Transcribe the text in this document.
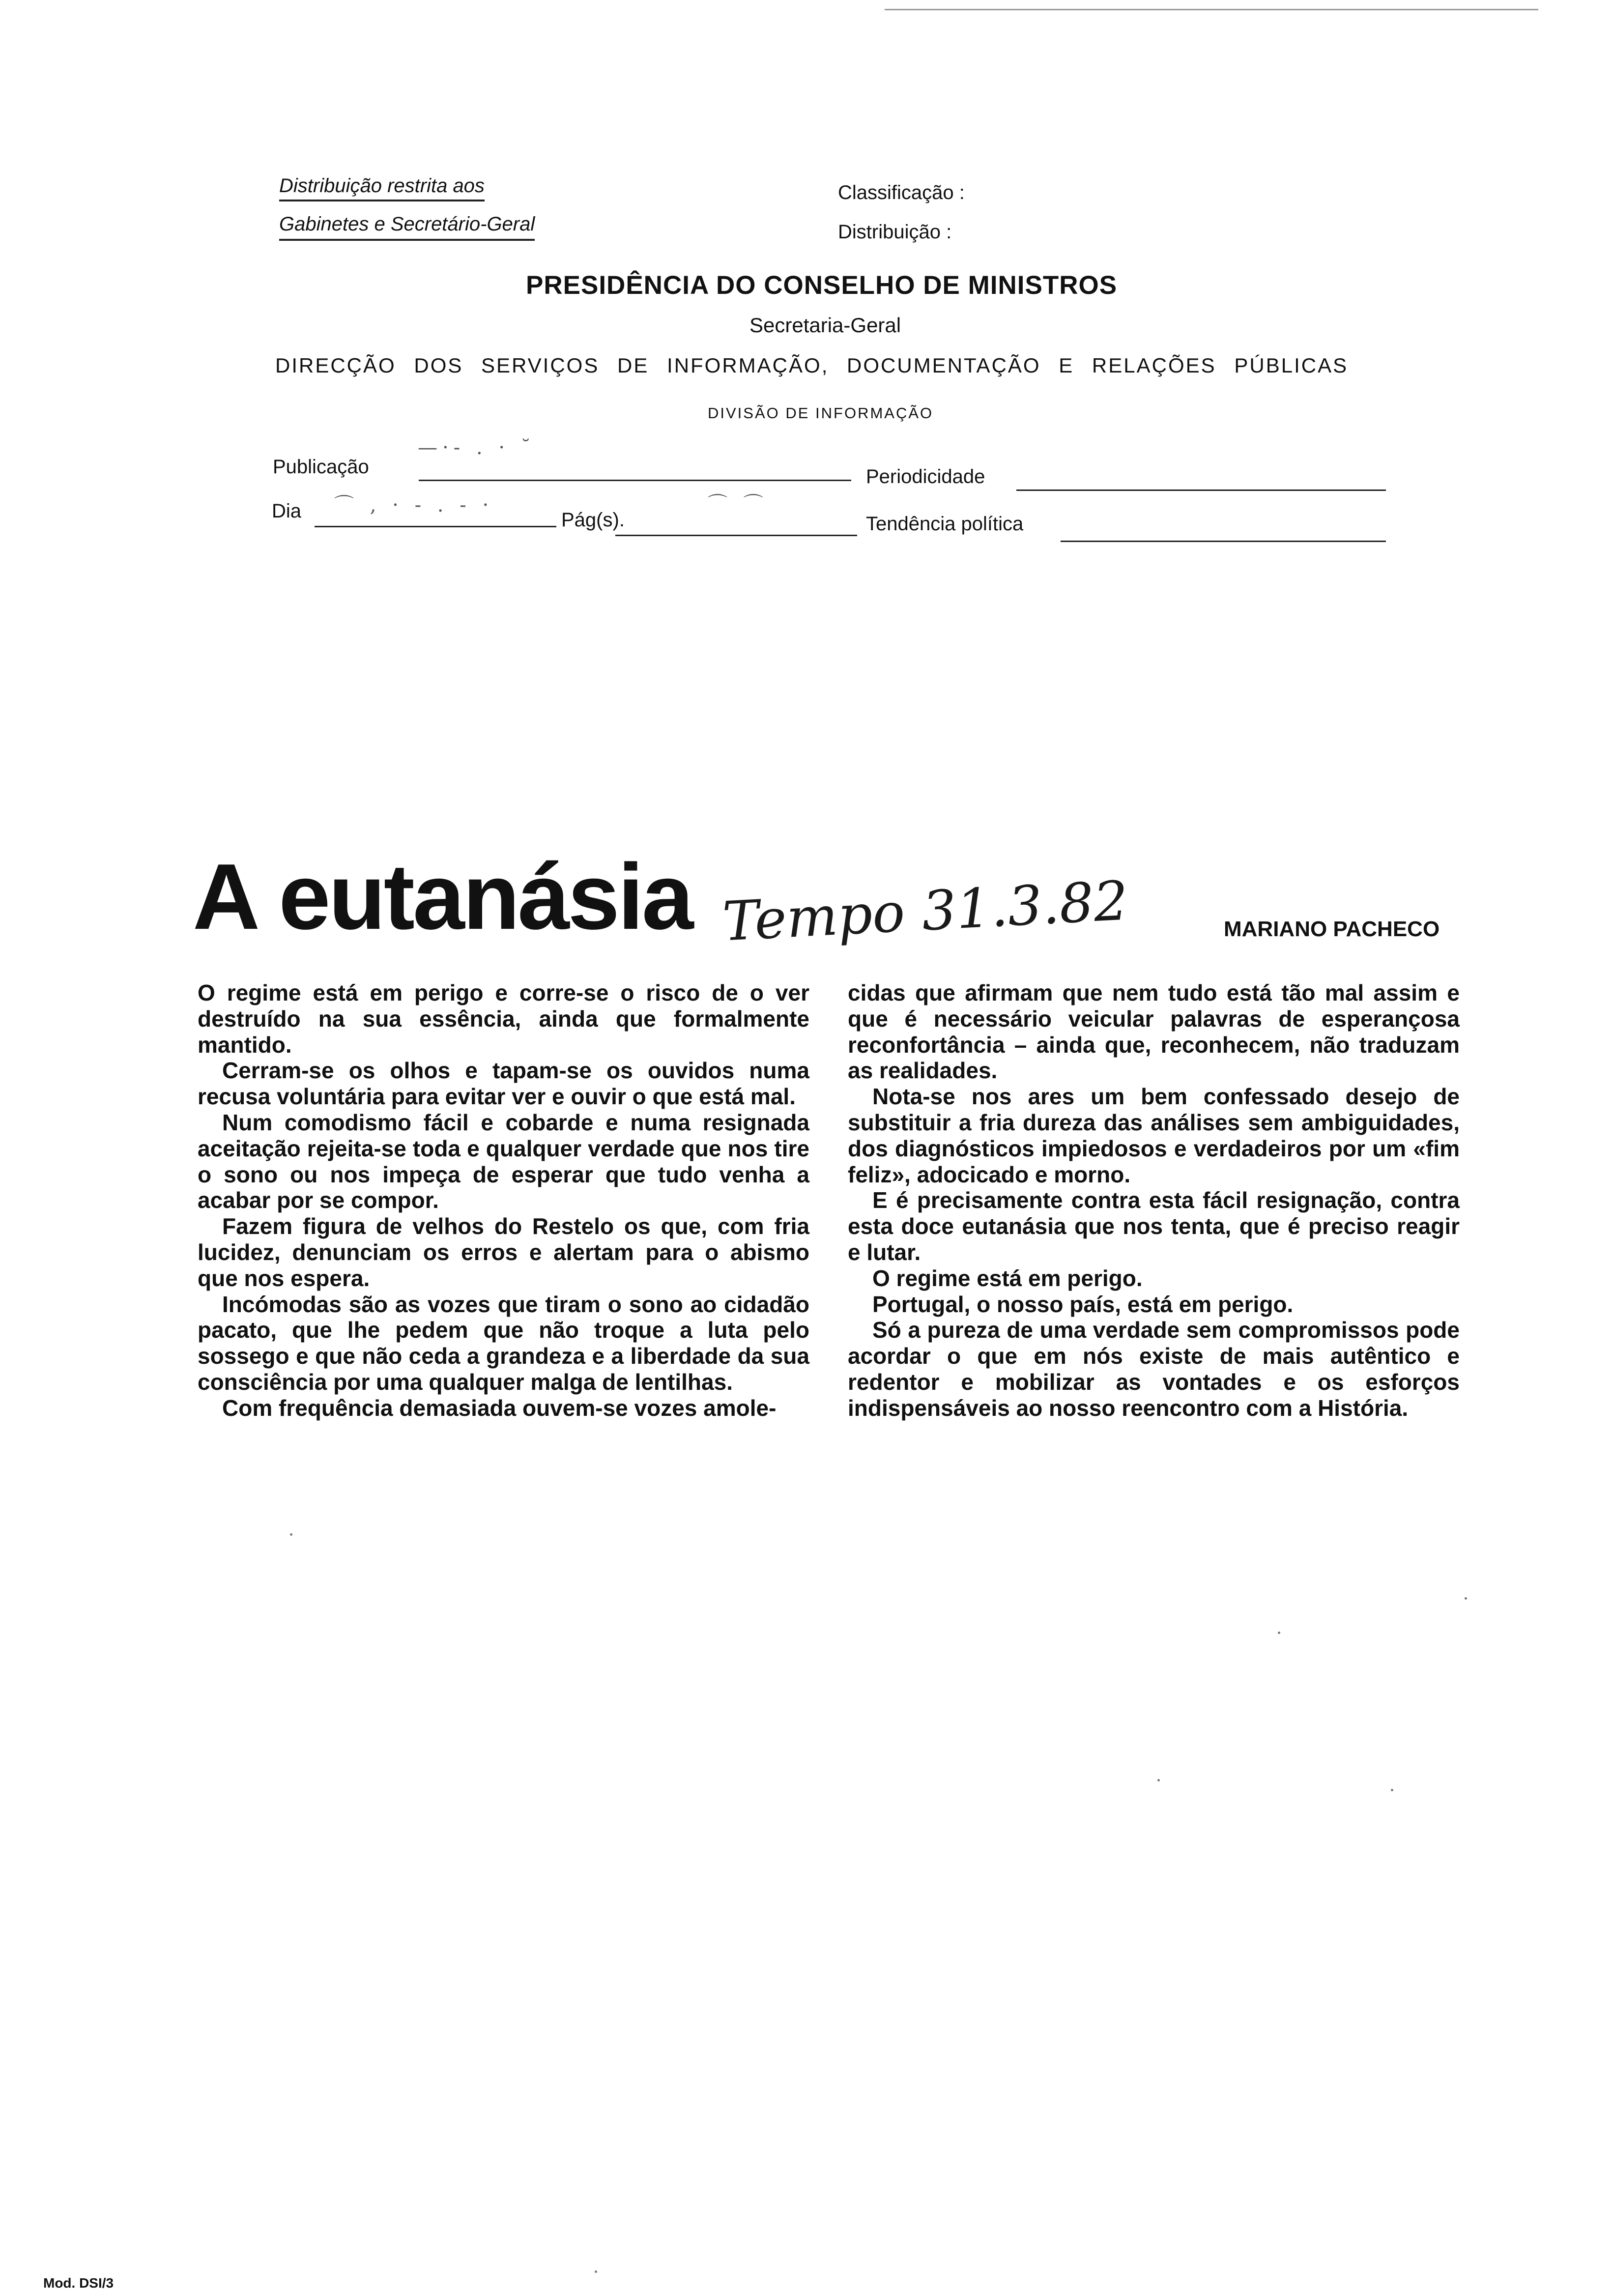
Distribuição restrita aos
Gabinetes e Secretário-Geral
Classificação :
Distribuição :
PRESIDÊNCIA DO CONSELHO DE MINISTROS
Secretaria-Geral
DIRECÇÃO DOS SERVIÇOS DE INFORMAÇÃO, DOCUMENTAÇÃO E RELAÇÕES PÚBLICAS
DIVISÃO DE INFORMAÇÃO
Publicação
—·‐ . · ˘
Periodicidade
Dia ⌒ , · ‐ . ‐ ·
Pág(s).
⌒ ⌒
Tendência política
A eutanásia Tempo 31.3.82	MARIANO PACHECO

O regime está em perigo e corre-se o risco de o ver destruído na sua essência, ainda que formalmente mantido.

Cerram-se os olhos e tapam-se os ouvidos numa recusa voluntária para evitar ver e ouvir o que está mal.

Num comodismo fácil e cobarde e numa resignada aceitação rejeita-se toda e qualquer verdade que nos tire o sono ou nos impeça de esperar que tudo venha a acabar por se compor.

Fazem figura de velhos do Restelo os que, com fria lucidez, denunciam os erros e alertam para o abismo que nos espera.

Incómodas são as vozes que tiram o sono ao cidadão pacato, que lhe pedem que não troque a luta pelo sossego e que não ceda a grandeza e a liberdade da sua consciência por uma qualquer malga de lentilhas.

Com frequência demasiada ouvem-se vozes amole-

cidas que afirmam que nem tudo está tão mal assim e que é necessário veicular palavras de esperançosa reconfortância – ainda que, reconhecem, não traduzam as realidades.

Nota-se nos ares um bem confessado desejo de substituir a fria dureza das análises sem ambiguidades, dos diagnósticos impiedosos e verdadeiros por um «fim feliz», adocicado e morno.

E é precisamente contra esta fácil resignação, contra esta doce eutanásia que nos tenta, que é preciso reagir e lutar.

O regime está em perigo.

Portugal, o nosso país, está em perigo.

Só a pureza de uma verdade sem compromissos pode acordar o que em nós existe de mais autêntico e redentor e mobilizar as vontades e os esforços indispensáveis ao nosso reencontro com a História.

Mod. DSI/3
